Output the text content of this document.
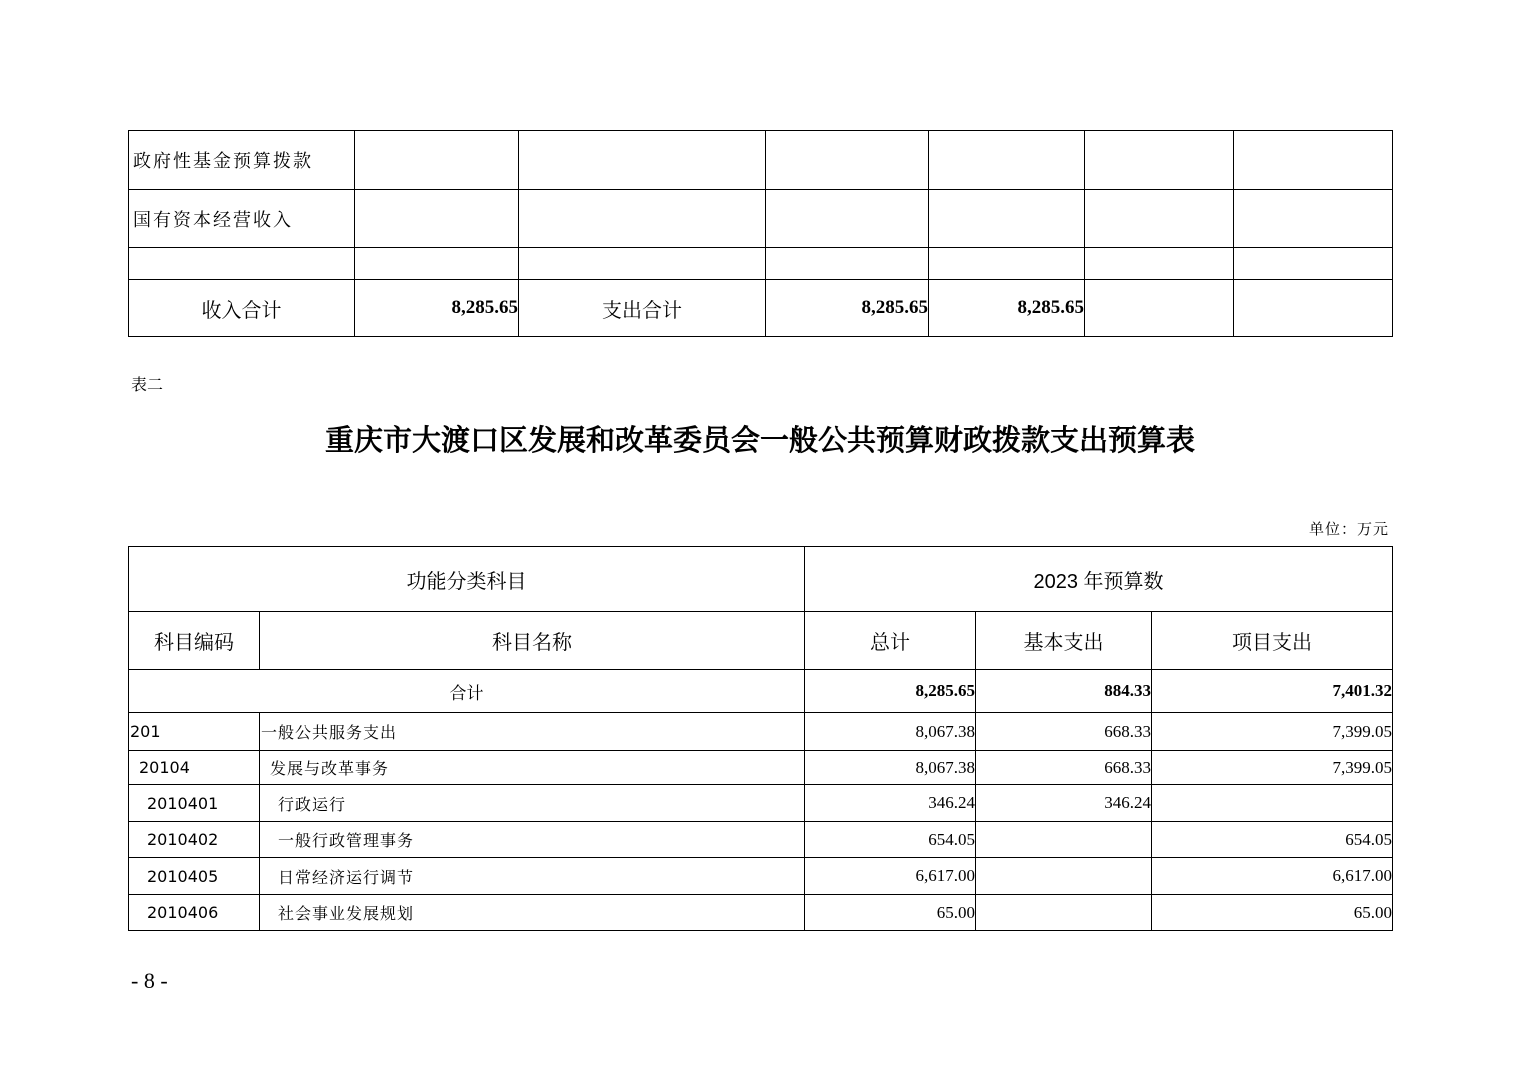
政府性基金预算拨款						
国有资本经营收入						

收入合计	8,285.65	支出合计	8,285.65	8,285.65		
表二
重庆市大渡口区发展和改革委员会一般公共预算财政拨款支出预算表
单位：万元
功能分类科目		2023 年预算数		
科目编码	科目名称	总计	基本支出	项目支出
合计		8,285.65	884.33	7,401.32
201	一般公共服务支出	8,067.38	668.33	7,399.05
20104	发展与改革事务	8,067.38	668.33	7,399.05
2010401	行政运行	346.24	346.24	
2010402	一般行政管理事务	654.05		654.05
2010405	日常经济运行调节	6,617.00		6,617.00
2010406	社会事业发展规划	65.00		65.00
- 8 -
